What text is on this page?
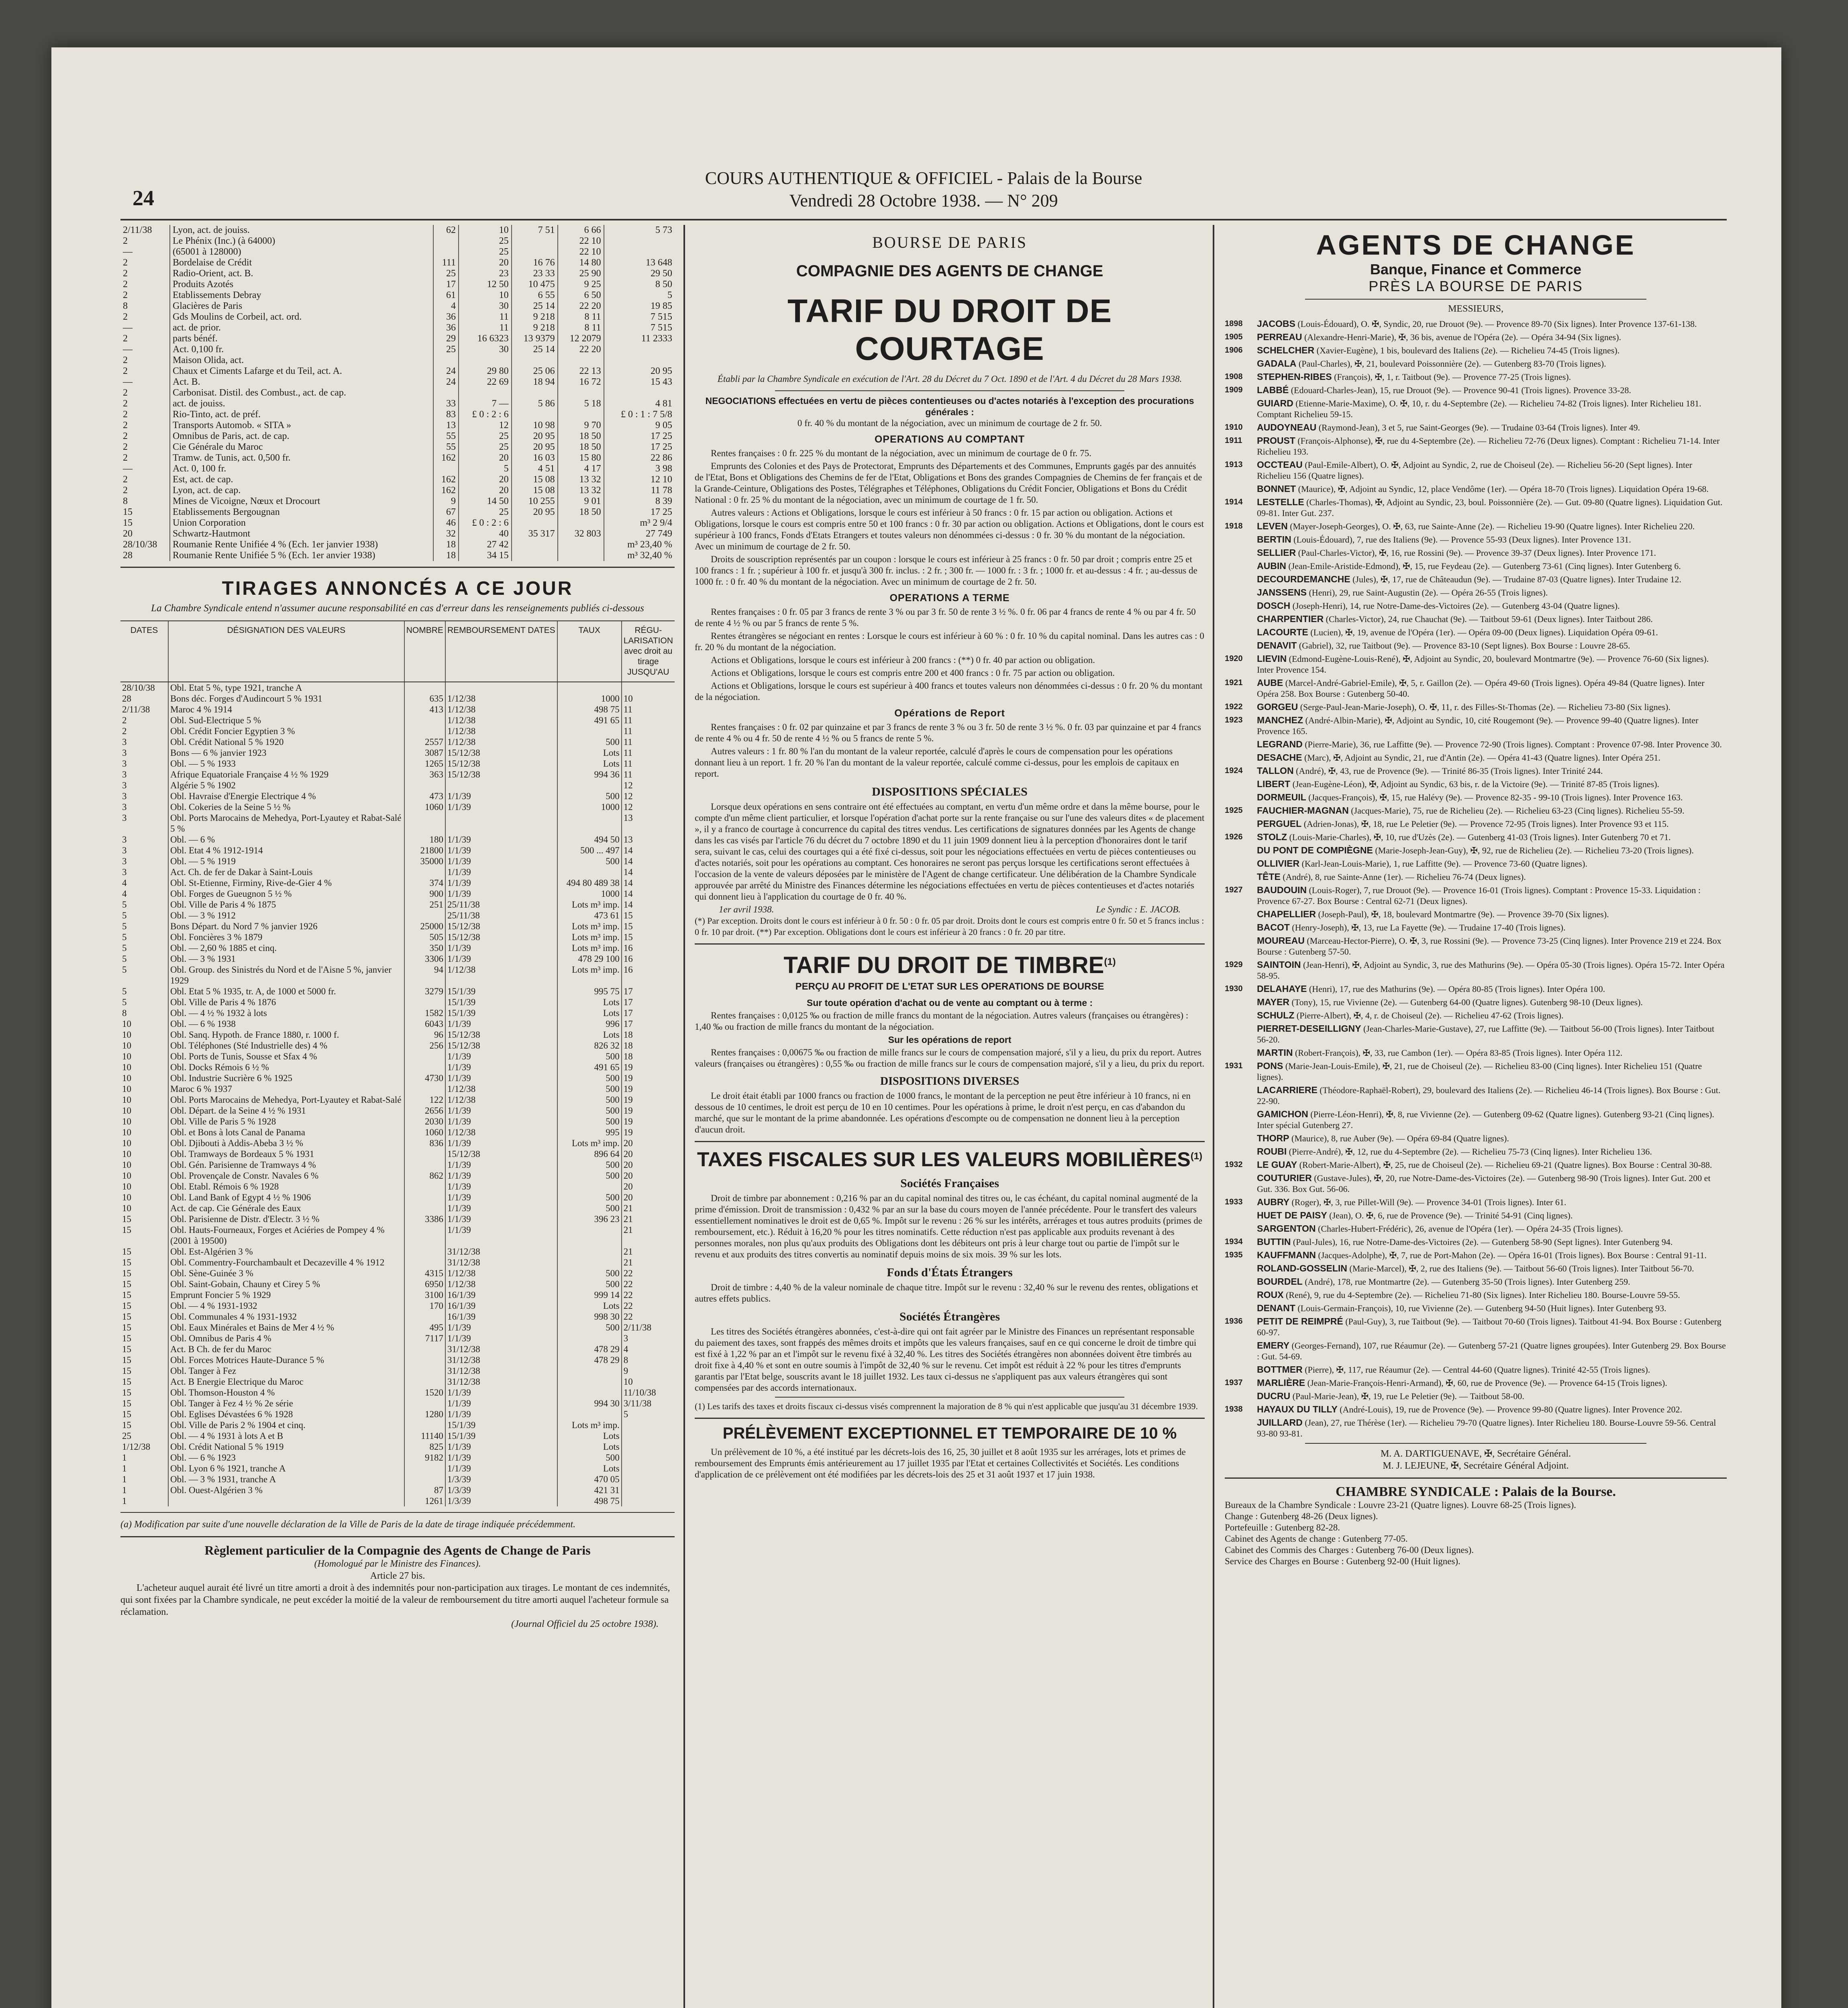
24
COURS AUTHENTIQUE & OFFICIEL - Palais de la Bourse
Vendredi 28 Octobre 1938. — N° 209
2/11/38	Lyon, act. de jouiss.	62	10	7 51	6 66	5 73
2	Le Phénix (Inc.) (à 64000)		25		22 10	
—	(65001 à 128000)		25		22 10	
2	Bordelaise de Crédit	111	20	16 76	14 80	13 648
2	Radio-Orient, act. B.	25	23	23 33	25 90	29 50
2	Produits Azotés	17	12 50	10 475	9 25	8 50
2	Etablissements Debray	61	10	6 55	6 50	5
8	Glacières de Paris	4	30	25 14	22 20	19 85
2	Gds Moulins de Corbeil, act. ord.	36	11	9 218	8 11	7 515
—	act. de prior.	36	11	9 218	8 11	7 515
2	parts bénéf.	29	16 6323	13 9379	12 2079	11 2333
—	Act. 0,100 fr.	25	30	25 14	22 20	
2	Maison Olida, act.					
2	Chaux et Ciments Lafarge et du Teil, act. A.	24	29 80	25 06	22 13	20 95
—	Act. B.	24	22 69	18 94	16 72	15 43
2	Carbonisat. Distil. des Combust., act. de cap.					
2	act. de jouiss.	33	7 —	5 86	5 18	4 81
2	Rio-Tinto, act. de préf.	83	£ 0 : 2 : 6			£ 0 : 1 : 7 5/8
2	Transports Automob. « SITA »	13	12	10 98	9 70	9 05
2	Omnibus de Paris, act. de cap.	55	25	20 95	18 50	17 25
2	Cie Générale du Maroc	55	25	20 95	18 50	17 25
2	Tramw. de Tunis, act. 0,500 fr.	162	20	16 03	15 80	22 86
—	Act. 0, 100 fr.		5	4 51	4 17	3 98
2	Est, act. de cap.	162	20	15 08	13 32	12 10
2	Lyon, act. de cap.	162	20	15 08	13 32	11 78
8	Mines de Vicoigne, Nœux et Drocourt	9	14 50	10 255	9 01	8 39
15	Etablissements Bergougnan	67	25	20 95	18 50	17 25
15	Union Corporation	46	£ 0 : 2 : 6			m³ 2 9/4
20	Schwartz-Hautmont	32	40	35 317	32 803	27 749
28/10/38	Roumanie Rente Unifiée 4 % (Ech. 1er janvier 1938)	18	27 42			m³ 23,40 %
28	Roumanie Rente Unifiée 5 % (Ech. 1er anvier 1938)	18	34 15			m³ 32,40 %
TIRAGES ANNONCÉS A CE JOUR
La Chambre Syndicale entend n'assumer aucune responsabilité en cas d'erreur dans les renseignements publiés ci-dessous
DATES	DÉSIGNATION DES VALEURS	NOMBRE	REMBOURSEMENT DATES	TAUX	RÉGU-LARISATION avec droit au tirage JUSQU'AU
28/10/38	Obl. Etat 5 %, type 1921, tranche A				
28	Bons déc. Forges d'Audincourt 5 % 1931	635	1/12/38	1000	10
2/11/38	Maroc 4 % 1914	413	1/12/38	498 75	11
2	Obl. Sud-Electrique 5 %		1/12/38	491 65	11
2	Obl. Crédit Foncier Egyptien 3 %		1/12/38		11
3	Obl. Crédit National 5 % 1920	2557	1/12/38	500	11
3	Bons — 6 % janvier 1923	3087	15/12/38	Lots	11
3	Obl. — 5 % 1933	1265	15/12/38	Lots	11
3	Afrique Equatoriale Française 4 ½ % 1929	363	15/12/38	994 36	11
3	Algérie 5 % 1902				12
3	Obl. Havraise d'Energie Electrique 4 %	473	1/1/39	500	12
3	Obl. Cokeries de la Seine 5 ½ %	1060	1/1/39	1000	12
3	Obl. Ports Marocains de Mehedya, Port-Lyautey et Rabat-Salé 5 %				13
3	Obl. — 6 %	180	1/1/39	494 50	13
3	Obl. Etat 4 % 1912-1914	21800	1/1/39	500 ... 497	14
3	Obl. — 5 % 1919	35000	1/1/39	500	14
3	Act. Ch. de fer de Dakar à Saint-Louis		1/1/39		14
4	Obl. St-Etienne, Firminy, Rive-de-Gier 4 %	374	1/1/39	494 80 489 38	14
4	Obl. Forges de Gueugnon 5 ½ %	900	1/1/39	1000	14
5	Obl. Ville de Paris 4 % 1875	251	25/11/38	Lots m³ imp.	14
5	Obl. — 3 % 1912		25/11/38	473 61	15
5	Bons Départ. du Nord 7 % janvier 1926	25000	15/12/38	Lots m³ imp.	15
5	Obl. Foncières 3 % 1879	505	15/12/38	Lots m³ imp.	15
5	Obl. — 2,60 % 1885 et cinq.	350	1/1/39	Lots m³ imp.	16
5	Obl. — 3 % 1931	3306	1/1/39	478 29 100	16
5	Obl. Group. des Sinistrés du Nord et de l'Aisne 5 %, janvier 1929	94	1/12/38	Lots m³ imp.	16
5	Obl. Etat 5 % 1935, tr. A, de 1000 et 5000 fr.	3279	15/1/39	995 75	17
5	Obl. Ville de Paris 4 % 1876		15/1/39	Lots	17
8	Obl. — 4 ½ % 1932 à lots	1582	15/1/39	Lots	17
10	Obl. — 6 % 1938	6043	1/1/39	996	17
10	Obl. Sanq. Hypoth. de France 1880, r. 1000 f.	96	15/12/38	Lots	18
10	Obl. Téléphones (Sté Industrielle des) 4 %	256	15/12/38	826 32	18
10	Obl. Ports de Tunis, Sousse et Sfax 4 %		1/1/39	500	18
10	Obl. Docks Rémois 6 ½ %		1/1/39	491 65	19
10	Obl. Industrie Sucrière 6 % 1925	4730	1/1/39	500	19
10	Maroc 6 % 1937		1/12/38	500	19
10	Obl. Ports Marocains de Mehedya, Port-Lyautey et Rabat-Salé	122	1/12/38	500	19
10	Obl. Départ. de la Seine 4 ½ % 1931	2656	1/1/39	500	19
10	Obl. Ville de Paris 5 % 1928	2030	1/1/39	500	19
10	Obl. et Bons à lots Canal de Panama	1060	1/12/38	995	19
10	Obl. Djibouti à Addis-Abeba 3 ½ %	836	1/1/39	Lots m³ imp.	20
10	Obl. Tramways de Bordeaux 5 % 1931		15/12/38	896 64	20
10	Obl. Gén. Parisienne de Tramways 4 %		1/1/39	500	20
10	Obl. Provençale de Constr. Navales 6 %	862	1/1/39	500	20
10	Obl. Etabl. Rémois 6 % 1928		1/1/39		20
10	Obl. Land Bank of Egypt 4 ½ % 1906		1/1/39	500	20
10	Act. de cap. Cie Générale des Eaux		1/1/39	500	21
15	Obl. Parisienne de Distr. d'Electr. 3 ½ %	3386	1/1/39	396 23	21
15	Obl. Hauts-Fourneaux, Forges et Aciéries de Pompey 4 % (2001 à 19500)		1/1/39		21
15	Obl. Est-Algérien 3 %		31/12/38		21
15	Obl. Commentry-Fourchambault et Decazeville 4 % 1912		31/12/38		21
15	Obl. Sène-Guinée 3 %	4315	1/12/38	500	22
15	Obl. Saint-Gobain, Chauny et Cirey 5 %	6950	1/12/38	500	22
15	Emprunt Foncier 5 % 1929	3100	16/1/39	999 14	22
15	Obl. — 4 % 1931-1932	170	16/1/39	Lots	22
15	Obl. Communales 4 % 1931-1932		16/1/39	998 30	22
15	Obl. Eaux Minérales et Bains de Mer 4 ½ %	495	1/1/39	500	2/11/38
15	Obl. Omnibus de Paris 4 %	7117	1/1/39		3
15	Act. B Ch. de fer du Maroc		31/12/38	478 29	4
15	Obl. Forces Motrices Haute-Durance 5 %		31/12/38	478 29	8
15	Obl. Tanger à Fez		31/12/38		9
15	Act. B Energie Electrique du Maroc		31/12/38		10
15	Obl. Thomson-Houston 4 %	1520	1/1/39		11/10/38
15	Obl. Tanger à Fez 4 ½ % 2e série		1/1/39	994 30	3/11/38
15	Obl. Eglises Dévastées 6 % 1928	1280	1/1/39		5
15	Obl. Ville de Paris 2 % 1904 et cinq.		15/1/39	Lots m³ imp.	
25	Obl. — 4 % 1931 à lots A et B	11140	15/1/39	Lots	
1/12/38	Obl. Crédit National 5 % 1919	825	1/1/39	Lots	
1	Obl. — 6 % 1923	9182	1/1/39	500	
1	Obl. Lyon 6 % 1921, tranche A		1/1/39	Lots	
1	Obl. — 3 % 1931, tranche A		1/3/39	470 05	
1	Obl. Ouest-Algérien 3 %	87	1/3/39	421 31	
1		1261	1/3/39	498 75	
(a) Modification par suite d'une nouvelle déclaration de la Ville de Paris de la date de tirage indiquée précédemment.
Règlement particulier de la Compagnie des Agents de Change de Paris
(Homologué par le Ministre des Finances).
Article 27 bis.
L'acheteur auquel aurait été livré un titre amorti a droit à des indemnités pour non-participation aux tirages. Le montant de ces indemnités, qui sont fixées par la Chambre syndicale, ne peut excéder la moitié de la valeur de remboursement du titre amorti auquel l'acheteur formule sa réclamation.
(Journal Officiel du 25 octobre 1938).
BOURSE DE PARIS
COMPAGNIE DES AGENTS DE CHANGE
TARIF DU DROIT DE COURTAGE
Établi par la Chambre Syndicale en exécution de l'Art. 28 du Décret du 7 Oct. 1890 et de l'Art. 4 du Décret du 28 Mars 1938.
NEGOCIATIONS effectuées en vertu de pièces contentieuses ou d'actes notariés à l'exception des procurations générales :
0 fr. 40 % du montant de la négociation, avec un minimum de courtage de 2 fr. 50.
OPERATIONS AU COMPTANT

Rentes françaises : 0 fr. 225 % du montant de la négociation, avec un minimum de courtage de 0 fr. 75.

Emprunts des Colonies et des Pays de Protectorat, Emprunts des Départements et des Communes, Emprunts gagés par des annuités de l'Etat, Bons et Obligations des Chemins de fer de l'Etat, Obligations et Bons des grandes Compagnies de Chemins de fer français et de la Grande-Ceinture, Obligations des Postes, Télégraphes et Téléphones, Obligations du Crédit Foncier, Obligations et Bons du Crédit National : 0 fr. 25 % du montant de la négociation, avec un minimum de courtage de 1 fr. 50.

Autres valeurs : Actions et Obligations, lorsque le cours est inférieur à 50 francs : 0 fr. 15 par action ou obligation. Actions et Obligations, lorsque le cours est compris entre 50 et 100 francs : 0 fr. 30 par action ou obligation. Actions et Obligations, dont le cours est supérieur à 100 francs, Fonds d'Etats Etrangers et toutes valeurs non dénommées ci-dessus : 0 fr. 30 % du montant de la négociation. Avec un minimum de courtage de 2 fr. 50.

Droits de souscription représentés par un coupon : lorsque le cours est inférieur à 25 francs : 0 fr. 50 par droit ; compris entre 25 et 100 francs : 1 fr. ; supérieur à 100 fr. et jusqu'à 300 fr. inclus. : 2 fr. ; 300 fr. — 1000 fr. : 3 fr. ; 1000 fr. et au-dessus : 4 fr. ; au-dessus de 1000 fr. : 0 fr. 40 % du montant de la négociation. Avec un minimum de courtage de 2 fr. 50.

OPERATIONS A TERME

Rentes françaises : 0 fr. 05 par 3 francs de rente 3 % ou par 3 fr. 50 de rente 3 ½ %. 0 fr. 06 par 4 francs de rente 4 % ou par 4 fr. 50 de rente 4 ½ % ou par 5 francs de rente 5 %.

Rentes étrangères se négociant en rentes : Lorsque le cours est inférieur à 60 % : 0 fr. 10 % du capital nominal. Dans les autres cas : 0 fr. 20 % du montant de la négociation.

Actions et Obligations, lorsque le cours est inférieur à 200 francs : (**) 0 fr. 40 par action ou obligation.

Actions et Obligations, lorsque le cours est compris entre 200 et 400 francs : 0 fr. 75 par action ou obligation.

Actions et Obligations, lorsque le cours est supérieur à 400 francs et toutes valeurs non dénommées ci-dessus : 0 fr. 20 % du montant de la négociation.

Opérations de Report

Rentes françaises : 0 fr. 02 par quinzaine et par 3 francs de rente 3 % ou 3 fr. 50 de rente 3 ½ %. 0 fr. 03 par quinzaine et par 4 francs de rente 4 % ou 4 fr. 50 de rente 4 ½ % ou 5 francs de rente 5 %.

Autres valeurs : 1 fr. 80 % l'an du montant de la valeur reportée, calculé d'après le cours de compensation pour les opérations donnant lieu à un report. 1 fr. 20 % l'an du montant de la valeur reportée, calculé comme ci-dessus, pour les emplois de capitaux en report.

DISPOSITIONS SPÉCIALES

Lorsque deux opérations en sens contraire ont été effectuées au comptant, en vertu d'un même ordre et dans la même bourse, pour le compte d'un même client particulier, et lorsque l'opération d'achat porte sur la rente française ou sur l'une des valeurs dites « de placement », il y a franco de courtage à concurrence du capital des titres vendus. Les certifications de signatures données par les Agents de change dans les cas visés par l'article 76 du décret du 7 octobre 1890 et du 11 juin 1909 donnent lieu à la perception d'honoraires dont le tarif sera, suivant le cas, celui des courtages qui a été fixé ci-dessus, soit pour les négociations effectuées en vertu de pièces contentieuses ou d'actes notariés, soit pour les opérations au comptant. Ces honoraires ne seront pas perçus lorsque les certifications seront effectuées à l'occasion de la vente de valeurs déposées par le ministère de l'Agent de change certificateur. Une délibération de la Chambre Syndicale approuvée par arrêté du Ministre des Finances détermine les négociations effectuées en vertu de pièces contentieuses et d'actes notariés qui donnent lieu à l'application du courtage de 0 fr. 40 %.

1er avril 1938.	Le Syndic : E. JACOB.
(*) Par exception. Droits dont le cours est inférieur à 0 fr. 50 : 0 fr. 05 par droit. Droits dont le cours est compris entre 0 fr. 50 et 5 francs inclus : 0 fr. 10 par droit. (**) Par exception. Obligations dont le cours est inférieur à 20 francs : 0 fr. 20 par titre.
TARIF DU DROIT DE TIMBRE$^{(1)}$
PERÇU AU PROFIT DE L'ETAT SUR LES OPERATIONS DE BOURSE
Sur toute opération d'achat ou de vente au comptant ou à terme :

Rentes françaises : 0,0125 ‰ ou fraction de mille francs du montant de la négociation. Autres valeurs (françaises ou étrangères) : 1,40 ‰ ou fraction de mille francs du montant de la négociation.

Sur les opérations de report

Rentes françaises : 0,00675 ‰ ou fraction de mille francs sur le cours de compensation majoré, s'il y a lieu, du prix du report. Autres valeurs (françaises ou étrangères) : 0,55 ‰ ou fraction de mille francs sur le cours de compensation majoré, s'il y a lieu, du prix du report.

DISPOSITIONS DIVERSES

Le droit était établi par 1000 francs ou fraction de 1000 francs, le montant de la perception ne peut être inférieur à 10 francs, ni en dessous de 10 centimes, le droit est perçu de 10 en 10 centimes. Pour les opérations à prime, le droit n'est perçu, en cas d'abandon du marché, que sur le montant de la prime abandonnée. Les opérations d'escompte ou de compensation ne donnent lieu à la perception d'aucun droit.

TAXES FISCALES SUR LES VALEURS MOBILIÈRES$^{(1)}$
Sociétés Françaises

Droit de timbre par abonnement : 0,216 % par an du capital nominal des titres ou, le cas échéant, du capital nominal augmenté de la prime d'émission. Droit de transmission : 0,432 % par an sur la base du cours moyen de l'année précédente. Pour le transfert des valeurs essentiellement nominatives le droit est de 0,65 %. Impôt sur le revenu : 26 % sur les intérêts, arrérages et tous autres produits (primes de remboursement, etc.). Réduit à 16,20 % pour les titres nominatifs. Cette réduction n'est pas applicable aux produits revenant à des personnes morales, non plus qu'aux produits des Obligations dont les débiteurs ont pris à leur charge tout ou partie de l'impôt sur le revenu et aux produits des titres convertis au nominatif depuis moins de six mois. 39 % sur les lots.

Fonds d'États Étrangers

Droit de timbre : 4,40 % de la valeur nominale de chaque titre. Impôt sur le revenu : 32,40 % sur le revenu des rentes, obligations et autres effets publics.

Sociétés Étrangères

Les titres des Sociétés étrangères abonnées, c'est-à-dire qui ont fait agréer par le Ministre des Finances un représentant responsable du paiement des taxes, sont frappés des mêmes droits et impôts que les valeurs françaises, sauf en ce qui concerne le droit de timbre qui est fixé à 1,22 % par an et l'impôt sur le revenu fixé à 32,40 %. Les titres des Sociétés étrangères non abonnées doivent être timbrés au droit fixe à 4,40 % et sont en outre soumis à l'impôt de 32,40 % sur le revenu. Cet impôt est réduit à 22 % pour les titres d'emprunts garantis par l'Etat belge, souscrits avant le 18 juillet 1932. Les taux ci-dessus ne s'appliquent pas aux valeurs étrangères qui sont compensées par des accords internationaux.

(1) Les tarifs des taxes et droits fiscaux ci-dessus visés comprennent la majoration de 8 % qui n'est applicable que jusqu'au 31 décembre 1939.
PRÉLÈVEMENT EXCEPTIONNEL ET TEMPORAIRE DE 10 %

Un prélèvement de 10 %, a été institué par les décrets-lois des 16, 25, 30 juillet et 8 août 1935 sur les arrérages, lots et primes de remboursement des Emprunts émis antérieurement au 17 juillet 1935 par l'Etat et certaines Collectivités et Sociétés. Les conditions d'application de ce prélèvement ont été modifiées par les décrets-lois des 25 et 31 août 1937 et 17 juin 1938.

AGENTS DE CHANGE
Banque, Finance et Commerce
PRÈS LA BOURSE DE PARIS
MESSIEURS,
1898 JACOBS (Louis-Édouard), O. ✠, Syndic, 20, rue Drouot (9e). — Provence 89-70 (Six lignes). Inter Provence 137-61-138.
1905 PERREAU (Alexandre-Henri-Marie), ✠, 36 bis, avenue de l'Opéra (2e). — Opéra 34-94 (Six lignes).
1906 SCHELCHER (Xavier-Eugène), 1 bis, boulevard des Italiens (2e). — Richelieu 74-45 (Trois lignes).
GADALA (Paul-Charles), ✠, 21, boulevard Poissonnière (2e). — Gutenberg 83-70 (Trois lignes).
1908 STEPHEN-RIBES (François), ✠, 1, r. Taitbout (9e). — Provence 77-25 (Trois lignes).
1909 LABBÉ (Edouard-Charles-Jean), 15, rue Drouot (9e). — Provence 90-41 (Trois lignes). Provence 33-28.
GUIARD (Etienne-Marie-Maxime), O. ✠, 10, r. du 4-Septembre (2e). — Richelieu 74-82 (Trois lignes). Inter Richelieu 181. Comptant Richelieu 59-15.
1910 AUDOYNEAU (Raymond-Jean), 3 et 5, rue Saint-Georges (9e). — Trudaine 03-64 (Trois lignes). Inter 49.
1911 PROUST (François-Alphonse), ✠, rue du 4-Septembre (2e). — Richelieu 72-76 (Deux lignes). Comptant : Richelieu 71-14. Inter Richelieu 193.
1913 OCCTEAU (Paul-Emile-Albert), O. ✠, Adjoint au Syndic, 2, rue de Choiseul (2e). — Richelieu 56-20 (Sept lignes). Inter Richelieu 156 (Quatre lignes).
BONNET (Maurice), ✠, Adjoint au Syndic, 12, place Vendôme (1er). — Opéra 18-70 (Trois lignes). Liquidation Opéra 19-68.
1914 LESTELLE (Charles-Thomas), ✠, Adjoint au Syndic, 23, boul. Poissonnière (2e). — Gut. 09-80 (Quatre lignes). Liquidation Gut. 09-81. Inter Gut. 237.
1918 LEVEN (Mayer-Joseph-Georges), O. ✠, 63, rue Sainte-Anne (2e). — Richelieu 19-90 (Quatre lignes). Inter Richelieu 220.
BERTIN (Louis-Édouard), 7, rue des Italiens (9e). — Provence 55-93 (Deux lignes). Inter Provence 131.
SELLIER (Paul-Charles-Victor), ✠, 16, rue Rossini (9e). — Provence 39-37 (Deux lignes). Inter Provence 171.
AUBIN (Jean-Emile-Aristide-Edmond), ✠, 15, rue Feydeau (2e). — Gutenberg 73-61 (Cinq lignes). Inter Gutenberg 6.
DECOURDEMANCHE (Jules), ✠, 17, rue de Châteaudun (9e). — Trudaine 87-03 (Quatre lignes). Inter Trudaine 12.
JANSSENS (Henri), 29, rue Saint-Augustin (2e). — Opéra 26-55 (Trois lignes).
DOSCH (Joseph-Henri), 14, rue Notre-Dame-des-Victoires (2e). — Gutenberg 43-04 (Quatre lignes).
CHARPENTIER (Charles-Victor), 24, rue Chauchat (9e). — Taitbout 59-61 (Deux lignes). Inter Taitbout 286.
LACOURTE (Lucien), ✠, 19, avenue de l'Opéra (1er). — Opéra 09-00 (Deux lignes). Liquidation Opéra 09-61.
DENAVIT (Gabriel), 32, rue Taitbout (9e). — Provence 83-10 (Sept lignes). Box Bourse : Louvre 28-65.
1920 LIEVIN (Edmond-Eugène-Louis-René), ✠, Adjoint au Syndic, 20, boulevard Montmartre (9e). — Provence 76-60 (Six lignes). Inter Provence 154.
1921 AUBE (Marcel-André-Gabriel-Emile), ✠, 5, r. Gaillon (2e). — Opéra 49-60 (Trois lignes). Opéra 49-84 (Quatre lignes). Inter Opéra 258. Box Bourse : Gutenberg 50-40.
1922 GORGEU (Serge-Paul-Jean-Marie-Joseph), O. ✠, 11, r. des Filles-St-Thomas (2e). — Richelieu 73-80 (Six lignes).
1923 MANCHEZ (André-Albin-Marie), ✠, Adjoint au Syndic, 10, cité Rougemont (9e). — Provence 99-40 (Quatre lignes). Inter Provence 165.
LEGRAND (Pierre-Marie), 36, rue Laffitte (9e). — Provence 72-90 (Trois lignes). Comptant : Provence 07-98. Inter Provence 30.
DESACHE (Marc), ✠, Adjoint au Syndic, 21, rue d'Antin (2e). — Opéra 41-43 (Quatre lignes). Inter Opéra 251.
1924 TALLON (André), ✠, 43, rue de Provence (9e). — Trinité 86-35 (Trois lignes). Inter Trinité 244.
LIBERT (Jean-Eugène-Léon), ✠, Adjoint au Syndic, 63 bis, r. de la Victoire (9e). — Trinité 87-85 (Trois lignes).
DORMEUIL (Jacques-François), ✠, 15, rue Halévy (9e). — Provence 82-35 - 99-10 (Trois lignes). Inter Provence 163.
1925 FAUCHIER-MAGNAN (Jacques-Marie), 75, rue de Richelieu (2e). — Richelieu 63-23 (Cinq lignes). Richelieu 55-59.
PERGUEL (Adrien-Jonas), ✠, 18, rue Le Peletier (9e). — Provence 72-95 (Trois lignes). Inter Provence 93 et 115.
1926 STOLZ (Louis-Marie-Charles), ✠, 10, rue d'Uzès (2e). — Gutenberg 41-03 (Trois lignes). Inter Gutenberg 70 et 71.
DU PONT DE COMPIÈGNE (Marie-Joseph-Jean-Guy), ✠, 92, rue de Richelieu (2e). — Richelieu 73-20 (Trois lignes).
OLLIVIER (Karl-Jean-Louis-Marie), 1, rue Laffitte (9e). — Provence 73-60 (Quatre lignes).
TÊTE (André), 8, rue Sainte-Anne (1er). — Richelieu 76-74 (Deux lignes).
1927 BAUDOUIN (Louis-Roger), 7, rue Drouot (9e). — Provence 16-01 (Trois lignes). Comptant : Provence 15-33. Liquidation : Provence 67-27. Box Bourse : Central 62-71 (Deux lignes).
CHAPELLIER (Joseph-Paul), ✠, 18, boulevard Montmartre (9e). — Provence 39-70 (Six lignes).
BACOT (Henry-Joseph), ✠, 13, rue La Fayette (9e). — Trudaine 17-40 (Trois lignes).
MOUREAU (Marceau-Hector-Pierre), O. ✠, 3, rue Rossini (9e). — Provence 73-25 (Cinq lignes). Inter Provence 219 et 224. Box Bourse : Gutenberg 57-50.
1929 SAINTOIN (Jean-Henri), ✠, Adjoint au Syndic, 3, rue des Mathurins (9e). — Opéra 05-30 (Trois lignes). Opéra 15-72. Inter Opéra 58-95.
1930 DELAHAYE (Henri), 17, rue des Mathurins (9e). — Opéra 80-85 (Trois lignes). Inter Opéra 100.
MAYER (Tony), 15, rue Vivienne (2e). — Gutenberg 64-00 (Quatre lignes). Gutenberg 98-10 (Deux lignes).
SCHULZ (Pierre-Albert), ✠, 4, r. de Choiseul (2e). — Richelieu 47-62 (Trois lignes).
PIERRET-DESEILLIGNY (Jean-Charles-Marie-Gustave), 27, rue Laffitte (9e). — Taitbout 56-00 (Trois lignes). Inter Taitbout 56-20.
MARTIN (Robert-François), ✠, 33, rue Cambon (1er). — Opéra 83-85 (Trois lignes). Inter Opéra 112.
1931 PONS (Marie-Jean-Louis-Emile), ✠, 21, rue de Choiseul (2e). — Richelieu 83-00 (Cinq lignes). Inter Richelieu 151 (Quatre lignes).
LACARRIERE (Théodore-Raphaël-Robert), 29, boulevard des Italiens (2e). — Richelieu 46-14 (Trois lignes). Box Bourse : Gut. 22-90.
GAMICHON (Pierre-Léon-Henri), ✠, 8, rue Vivienne (2e). — Gutenberg 09-62 (Quatre lignes). Gutenberg 93-21 (Cinq lignes). Inter spécial Gutenberg 27.
THORP (Maurice), 8, rue Auber (9e). — Opéra 69-84 (Quatre lignes).
ROUBI (Pierre-André), ✠, 12, rue du 4-Septembre (2e). — Richelieu 75-73 (Cinq lignes). Inter Richelieu 136.
1932 LE GUAY (Robert-Marie-Albert), ✠, 25, rue de Choiseul (2e). — Richelieu 69-21 (Quatre lignes). Box Bourse : Central 30-88.
COUTURIER (Gustave-Jules), ✠, 20, rue Notre-Dame-des-Victoires (2e). — Gutenberg 98-90 (Trois lignes). Inter Gut. 200 et Gut. 336. Box Gut. 56-06.
1933 AUBRY (Roger), ✠, 3, rue Pillet-Will (9e). — Provence 34-01 (Trois lignes). Inter 61.
HUET DE PAISY (Jean), O. ✠, 6, rue de Provence (9e). — Trinité 54-91 (Cinq lignes).
SARGENTON (Charles-Hubert-Frédéric), 26, avenue de l'Opéra (1er). — Opéra 24-35 (Trois lignes).
1934 BUTTIN (Paul-Jules), 16, rue Notre-Dame-des-Victoires (2e). — Gutenberg 58-90 (Sept lignes). Inter Gutenberg 94.
1935 KAUFFMANN (Jacques-Adolphe), ✠, 7, rue de Port-Mahon (2e). — Opéra 16-01 (Trois lignes). Box Bourse : Central 91-11.
ROLAND-GOSSELIN (Marie-Marcel), ✠, 2, rue des Italiens (9e). — Taitbout 56-60 (Trois lignes). Inter Taitbout 56-70.
BOURDEL (André), 178, rue Montmartre (2e). — Gutenberg 35-50 (Trois lignes). Inter Gutenberg 259.
ROUX (René), 9, rue du 4-Septembre (2e). — Richelieu 71-80 (Six lignes). Inter Richelieu 180. Bourse-Louvre 59-55.
DENANT (Louis-Germain-François), 10, rue Vivienne (2e). — Gutenberg 94-50 (Huit lignes). Inter Gutenberg 93.
1936 PETIT DE REIMPRÉ (Paul-Guy), 3, rue Taitbout (9e). — Taitbout 70-60 (Trois lignes). Taitbout 41-94. Box Bourse : Gutenberg 60-97.
EMERY (Georges-Fernand), 107, rue Réaumur (2e). — Gutenberg 57-21 (Quatre lignes groupées). Inter Gutenberg 29. Box Bourse : Gut. 54-69.
BOTTMER (Pierre), ✠, 117, rue Réaumur (2e). — Central 44-60 (Quatre lignes). Trinité 42-55 (Trois lignes).
1937 MARLIÈRE (Jean-Marie-François-Henri-Armand), ✠, 60, rue de Provence (9e). — Provence 64-15 (Trois lignes).
DUCRU (Paul-Marie-Jean), ✠, 19, rue Le Peletier (9e). — Taitbout 58-00.
1938 HAYAUX DU TILLY (André-Louis), 19, rue de Provence (9e). — Provence 99-80 (Quatre lignes). Inter Provence 202.
JUILLARD (Jean), 27, rue Thérèse (1er). — Richelieu 79-70 (Quatre lignes). Inter Richelieu 180. Bourse-Louvre 59-56. Central 93-80 93-81.
M. A. DARTIGUENAVE, ✠, Secrétaire Général.
M. J. LEJEUNE, ✠, Secrétaire Général Adjoint.
CHAMBRE SYNDICALE : Palais de la Bourse.
Bureaux de la Chambre Syndicale : Louvre 23-21 (Quatre lignes). Louvre 68-25 (Trois lignes).
Change : Gutenberg 48-26 (Deux lignes).
Portefeuille : Gutenberg 82-28.
Cabinet des Agents de change : Gutenberg 77-05.
Cabinet des Commis des Charges : Gutenberg 76-00 (Deux lignes).
Service des Charges en Bourse : Gutenberg 92-00 (Huit lignes).
